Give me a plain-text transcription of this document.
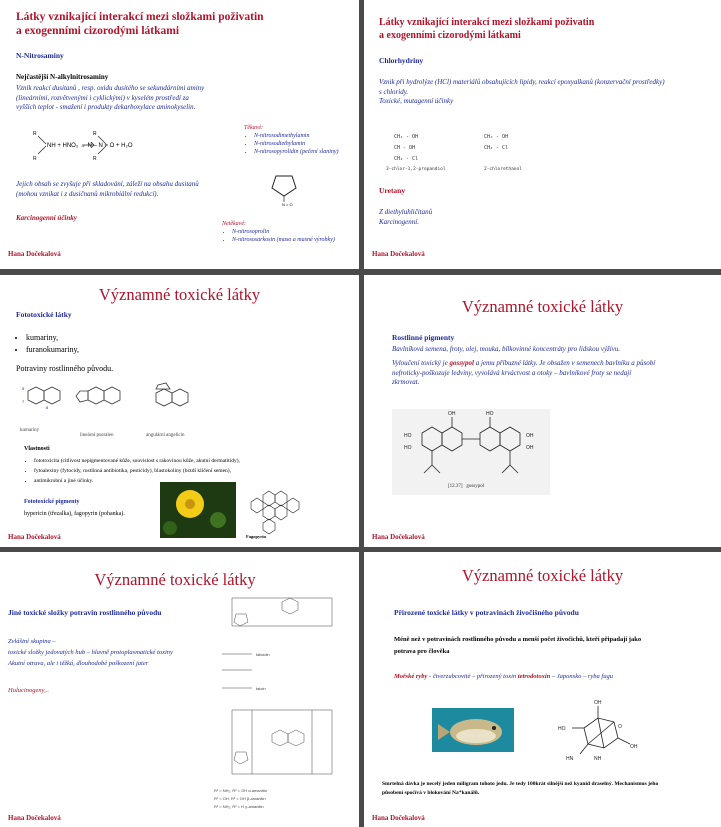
Látky vznikající interakcí mezi složkami poživatin
a exogenními cizorodými látkami
N-Nitrosaminy
Nejčastější N-alkylnitrosaminy
Vznik reakcí dusitanů , resp. oxidu dusitého se sekundárními aminy
(lineárními, rozvětvenými i cyklickými) v kyselém prostředí za
vyšších teplot - smažení i produkty dekarboxylace aminokyselin.
R
R
R
R
NH + HNO₂ → N – N = O + H₂O
Těkavé:
• N-nitrosodimethylamin
• N-nitrosodiethylamin
• N-nitrosopyrolidin (pečení slaniny)
Jejich obsah se zvyšuje při skladování, záleží na obsahu dusitanů
(mohou vznikat i z dusičnanů mikrobiální redukcí).
N = O
Karcinogenní účinky
Netěkavé:
• N-nitrosoprolin
• N-nitrososarkosin (maso a masné výrobky)
Hana Dočekalová
Látky vznikající interakcí mezi složkami poživatin
a exogenními cizorodými látkami
Chlorhydriny
Vznik při hydrolýze (HCl) materiálů obsahujících lipidy, reakcí epoxyalkanů (konzervační prostředky)
s chloridy.
Toxické, mutagenní účinky
CH₂ - OH
CH - OH
CH₂ - Cl
3-chlor-1,2-propandiol
CH₂ - OH
CH₂ - Cl
2-chlorethanol
Uretany
Z diethyluhličitanů
Karcinogenní.
Hana Dočekalová
Významné toxické látky
Fototoxické látky
• kumariny,
• furanokumariny,
Potraviny rostlinného původu.
5
7
8
kumariny
lineární psoralen	angulární angelicin
Vlastnosti
• fototoxicita (citlivost nepigmentované kůže, souvislost s rakovinou kůže, akutní dermatitidy),
• fytoalexiny (fytocidy, rostlinná antibiotika, pesticidy), blastokoliny (brzdí klíčení semen),
• antimikrobní a jiné účinky.
Fototoxické pigmenty
hypericin (třezalka), fagopyrin (pohanka).
Fagopyrin
Hana Dočekalová
Významné toxické látky
Rostlinné pigmenty
Bavlníková semena, froty, olej, mouka, bílkovinné koncentráty pro lidskou výživu.
Vyloučení toxický je gossypol a jemu příbuzné látky. Je obsažen v semenech bavlníku a působí
nefroticky-poškozuje ledviny, vyvolává krváctvost a otoky – bavlníkové froty se nedají
zkrmovat.
HO
HO
OH
OH
OH	HO
[12.37] gossypol
Hana Dočekalová
Významné toxické látky
Jiné toxické složky potravin rostlinného původu
Zvláštní skupina –
toxické složky jedovatých hub – hlavně protoplasmatické toxiny
Akutní otrava, ale i těžká, dlouhodobé poškození jater
Halucinogeny,..
falloidin
faloin
R¹ = NH₂, R² = OH α-amanitin
R¹ = OH, R² = OH β-amanitin
R¹ = NH₂, R² = H γ-amanitin
Hana Dočekalová
Významné toxické látky
Přirozené toxické látky v potravinách živočišného původu
Méně než v potravinách rostlinného původu a menší počet živočichů, kteří připadají jako
potrava pro člověka
Mořské ryby - čtverzubcovité – přirozený toxin tetrodotoxin – Japonsko – ryba fugu
OH
HO
OH
HN	NH
O
Smrtelná dávka je necelý jeden miligram tohoto jedu. Je tedy 100krát silnější než kyanid draselný. Mechanismus jeho
působení spočívá v blokování Na⁺kanálů.
Hana Dočekalová
